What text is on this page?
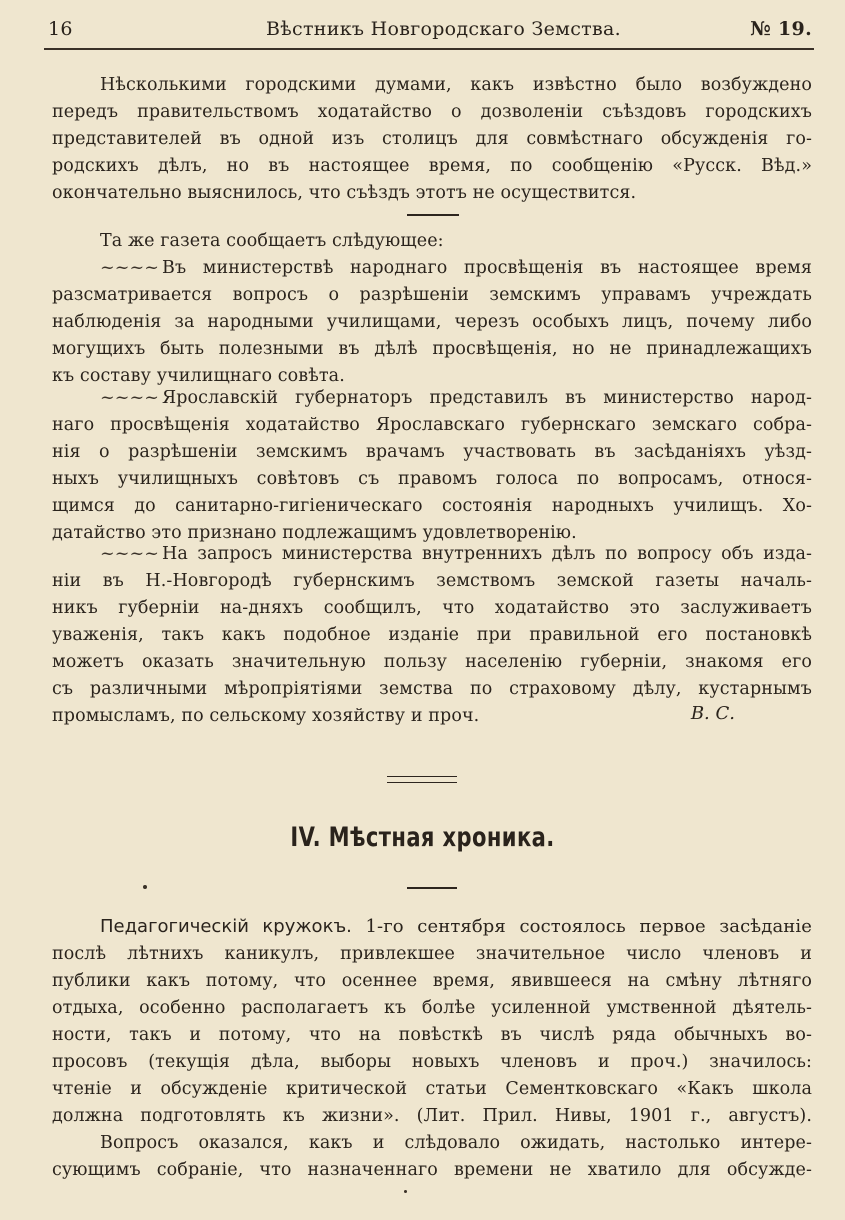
16	Вѣстникъ Новгородскаго Земства.	№ 19.
Нѣсколькими городскими думами, какъ извѣстно было возбуждено
передъ правительствомъ ходатайство о дозволеніи съѣздовъ городскихъ
представителей въ одной изъ столицъ для совмѣстнаго обсужденія го-
родскихъ дѣлъ, но въ настоящее время, по сообщенію «Русск. Вѣд.»
окончательно выяснилось, что съѣздъ этотъ не осуществится.
Та же газета сообщаетъ слѣдующее:
~~~~ Въ министерствѣ народнаго просвѣщенія въ настоящее время
разсматривается вопросъ о разрѣшеніи земскимъ управамъ учреждать
наблюденія за народными училищами, черезъ особыхъ лицъ, почему либо
могущихъ быть полезными въ дѣлѣ просвѣщенія, но не принадлежащихъ
къ составу училищнаго совѣта.
~~~~ Ярославскій губернаторъ представилъ въ министерство народ-
наго просвѣщенія ходатайство Ярославскаго губернскаго земскаго собра-
нія о разрѣшеніи земскимъ врачамъ участвовать въ засѣданіяхъ уѣзд-
ныхъ училищныхъ совѣтовъ съ правомъ голоса по вопросамъ, относя-
щимся до санитарно-гигіеническаго состоянія народныхъ училищъ. Хо-
датайство это признано подлежащимъ удовлетворенію.
~~~~ На запросъ министерства внутреннихъ дѣлъ по вопросу объ изда-
ніи въ Н.-Новгородѣ губернскимъ земствомъ земской газеты началь-
никъ губерніи на-дняхъ сообщилъ, что ходатайство это заслуживаетъ
уваженія, такъ какъ подобное изданіе при правильной его постановкѣ
можетъ оказать значительную пользу населенію губерніи, знакомя его
съ различными мѣропріятіями земства по страховому дѣлу, кустарнымъ
промысламъ, по сельскому хозяйству и проч.	В. С.
IV. Мѣстная хроника.
Педагогическій кружокъ. 1-го сентября состоялось первое засѣданіе
послѣ лѣтнихъ каникулъ, привлекшее значительное число членовъ и
публики какъ потому, что осеннее время, явившееся на смѣну лѣтняго
отдыха, особенно располагаетъ къ болѣе усиленной умственной дѣятель-
ности, такъ и потому, что на повѣсткѣ въ числѣ ряда обычныхъ во-
просовъ (текущія дѣла, выборы новыхъ членовъ и проч.) значилось:
чтеніе и обсужденіе критической статьи Сементковскаго «Какъ школа
должна подготовлять къ жизни». (Лит. Прил. Нивы, 1901 г., августъ).
Вопросъ оказался, какъ и слѣдовало ожидать, настолько интере-
сующимъ собраніе, что назначеннаго времени не хватило для обсужде-
